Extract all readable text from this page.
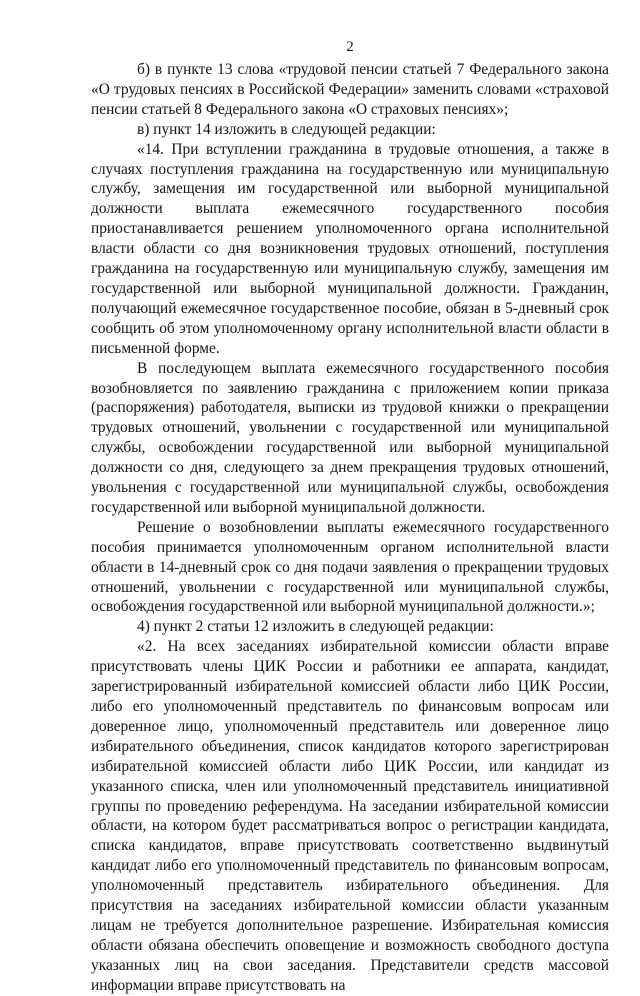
2

б) в пункте 13 слова «трудовой пенсии статьей 7 Федерального закона «О трудовых пенсиях в Российской Федерации» заменить словами «страховой пенсии статьей 8 Федерального закона «О страховых пенсиях»;

в) пункт 14 изложить в следующей редакции:

«14. При вступлении гражданина в трудовые отношения, а также в случаях поступления гражданина на государственную или муниципальную службу, замещения им государственной или выборной муниципальной должности выплата ежемесячного государственного пособия приостанавливается решением уполномоченного органа исполнительной власти области со дня возникновения трудовых отношений, поступления гражданина на государственную или муниципальную службу, замещения им государственной или выборной муниципальной должности. Гражданин, получающий ежемесячное государственное пособие, обязан в 5-дневный срок сообщить об этом уполномоченному органу исполнительной власти области в письменной форме.

В последующем выплата ежемесячного государственного пособия возобновляется по заявлению гражданина с приложением копии приказа (распоряжения) работодателя, выписки из трудовой книжки о прекращении трудовых отношений, увольнении с государственной или муниципальной службы, освобождении государственной или выборной муниципальной должности со дня, следующего за днем прекращения трудовых отношений, увольнения с государственной или муниципальной службы, освобождения государственной или выборной муниципальной должности.

Решение о возобновлении выплаты ежемесячного государственного пособия принимается уполномоченным органом исполнительной власти области в 14-дневный срок со дня подачи заявления о прекращении трудовых отношений, увольнении с государственной или муниципальной службы, освобождения государственной или выборной муниципальной должности.»;

4) пункт 2 статьи 12 изложить в следующей редакции:

«2. На всех заседаниях избирательной комиссии области вправе присутствовать члены ЦИК России и работники ее аппарата, кандидат, зарегистрированный избирательной комиссией области либо ЦИК России, либо его уполномоченный представитель по финансовым вопросам или доверенное лицо, уполномоченный представитель или доверенное лицо избирательного объединения, список кандидатов которого зарегистрирован избирательной комиссией области либо ЦИК России, или кандидат из указанного списка, член или уполномоченный представитель инициативной группы по проведению референдума. На заседании избирательной комиссии области, на котором будет рассматриваться вопрос о регистрации кандидата, списка кандидатов, вправе присутствовать соответственно выдвинутый кандидат либо его уполномоченный представитель по финансовым вопросам, уполномоченный представитель избирательного объединения. Для присутствия на заседаниях избирательной комиссии области указанным лицам не требуется дополнительное разрешение. Избирательная комиссия области обязана обеспечить оповещение и возможность свободного доступа указанных лиц на свои заседания. Представители средств массовой информации вправе присутствовать на
